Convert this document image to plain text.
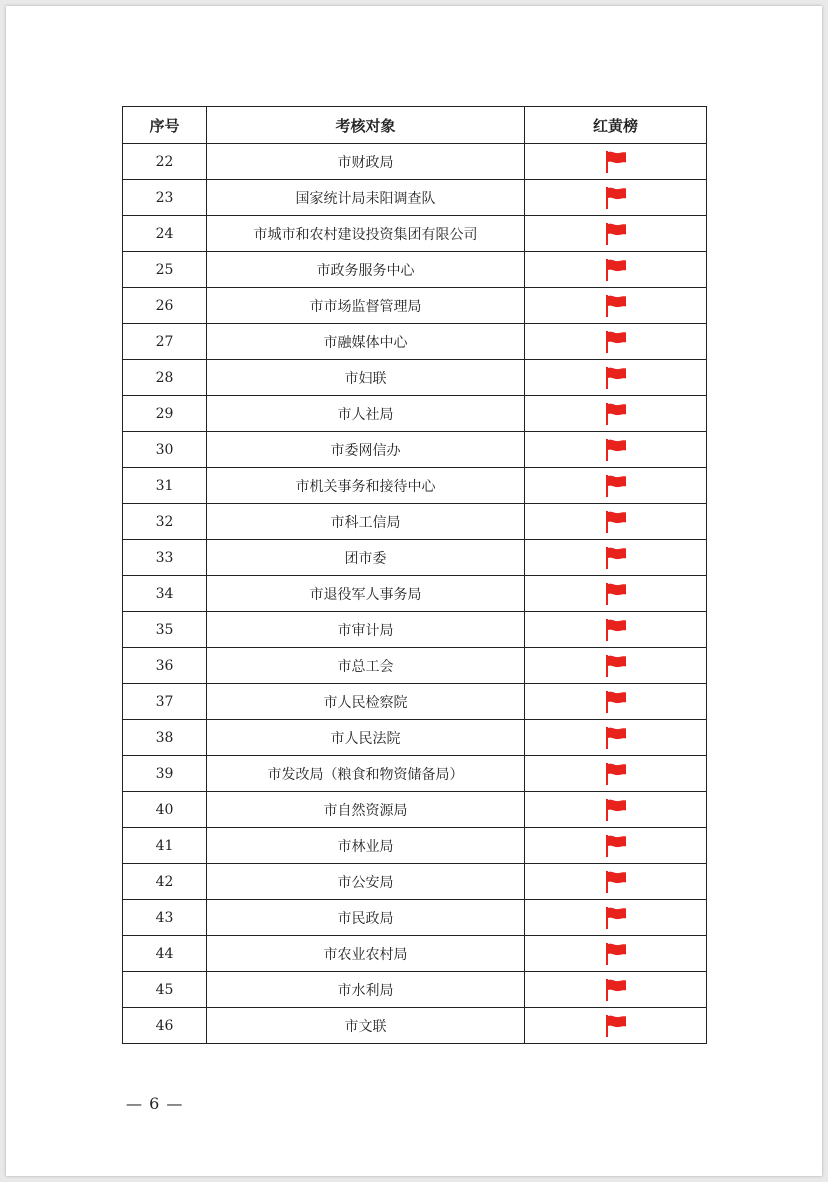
序号	考核对象	红黄榜
22	市财政局	
23	国家统计局耒阳调查队	
24	市城市和农村建设投资集团有限公司	
25	市政务服务中心	
26	市市场监督管理局	
27	市融媒体中心	
28	市妇联	
29	市人社局	
30	市委网信办	
31	市机关事务和接待中心	
32	市科工信局	
33	团市委	
34	市退役军人事务局	
35	市审计局	
36	市总工会	
37	市人民检察院	
38	市人民法院	
39	市发改局（粮食和物资储备局）	
40	市自然资源局	
41	市林业局	
42	市公安局	
43	市民政局	
44	市农业农村局	
45	市水利局	
46	市文联	
— 6 —
